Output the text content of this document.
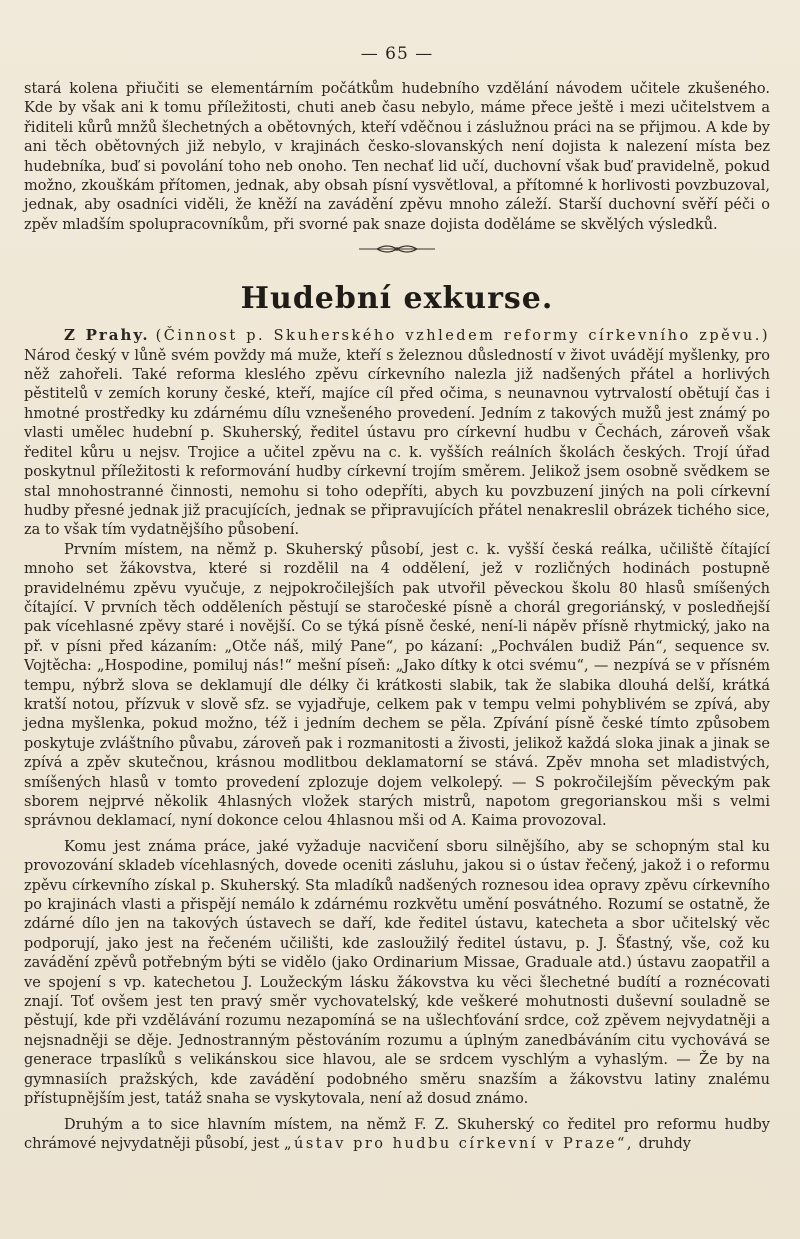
— 65 —

stará kolena přiučiti se elementárním počátkům hudebního vzdělání návodem učitele zkušeného. Kde by však ani k tomu příležitosti, chuti aneb času nebylo, máme přece ještě i mezi učitelstvem a řiditeli kůrů mnžů šlechetných a obětovných, kteří vděčnou i záslužnou práci na se přijmou. A kde by ani těch obětovných již nebylo, v krajinách česko-slovanských není dojista k nalezení místa bez hudebníka, buď si povolání toho neb onoho. Ten nechať lid učí, duchovní však buď pravidelně, pokud možno, zkouškám přítomen, jednak, aby obsah písní vysvětloval, a přítomné k horlivosti povzbuzoval, jednak, aby osadníci viděli, že kněží na zavádění zpěvu mnoho záleží. Starší duchovní svěří péči o zpěv mladším spolupracovníkům, při svorné pak snaze dojista doděláme se skvělých výsledků.

Hudební exkurse.

Z Prahy. (Činnost p. Skuherského vzhledem reformy církevního zpěvu.) Národ český v lůně svém povždy má muže, kteří s železnou důsledností v život uvádějí myšlenky, pro něž zahořeli. Také reforma kleslého zpěvu církevního nalezla již nadšených přátel a horlivých pěstitelů v zemích koruny české, kteří, majíce cíl před očima, s neunavnou vytrvalostí obětují čas i hmotné prostředky ku zdárnému dílu vznešeného provedení. Jedním z takových mužů jest známý po vlasti umělec hudební p. Skuherský, ředitel ústavu pro církevní hudbu v Čechách, zároveň však ředitel kůru u nejsv. Trojice a učitel zpěvu na c. k. vyšších reálních školách českých. Trojí úřad poskytnul příležitosti k reformování hudby církevní trojím směrem. Jelikož jsem osobně svědkem se stal mnohostranné činnosti, nemohu si toho odepříti, abych ku povzbuzení jiných na poli církevní hudby přesné jednak již pracujících, jednak se připravujících přátel nenakreslil obrázek tichého sice, za to však tím vydatnějšího působení.

Prvním místem, na němž p. Skuherský působí, jest c. k. vyšší česká reálka, učiliště čítající mnoho set žákovstva, které si rozdělil na 4 oddělení, jež v rozličných hodinách postupně pravidelnému zpěvu vyučuje, z nejpokročilejších pak utvořil pěveckou školu 80 hlasů smíšených čítající. V prvních těch odděleních pěstují se staročeské písně a chorál gregoriánský, v posledňejší pak vícehlasné zpěvy staré i novější. Co se týká písně české, není-li nápěv přísně rhytmický, jako na př. v písni před kázaním: „Otče náš, milý Pane“, po kázaní: „Pochválen budiž Pán“, sequence sv. Vojtěcha: „Hospodine, pomiluj nás!“ mešní píseň: „Jako dítky k otci svému“, — nezpívá se v přísném tempu, nýbrž slova se deklamují dle délky či krátkosti slabik, tak že slabika dlouhá delší, krátká kratší notou, přízvuk v slově sfz. se vyjadřuje, celkem pak v tempu velmi pohyblivém se zpívá, aby jedna myšlenka, pokud možno, též i jedním dechem se pěla. Zpívání písně české tímto způsobem poskytuje zvláštního půvabu, zároveň pak i rozmanitosti a živosti, jelikož každá sloka jinak a jinak se zpívá a zpěv skutečnou, krásnou modlitbou deklamatorní se stává. Zpěv mnoha set mladistvých, smíšených hlasů v tomto provedení zplozuje dojem velkolepý. — S pokročilejším pěveckým pak sborem nejprvé několik 4hlasných vložek starých mistrů, napotom gregorianskou mši s velmi správnou deklamací, nyní dokonce celou 4hlasnou mši od A. Kaima provozoval.

Komu jest známa práce, jaké vyžaduje nacvičení sboru silnějšího, aby se schopným stal ku provozování skladeb vícehlasných, dovede oceniti zásluhu, jakou si o ústav řečený, jakož i o reformu zpěvu církevního získal p. Skuherský. Sta mladíků nadšených roznesou idea opravy zpěvu církevního po krajinách vlasti a přispějí nemálo k zdárnému rozkvětu umění posvátného. Rozumí se ostatně, že zdárné dílo jen na takových ústavech se daří, kde ředitel ústavu, katecheta a sbor učitelský věc podporují, jako jest na řečeném učilišti, kde zasloužilý ředitel ústavu, p. J. Šťastný, vše, což ku zavádění zpěvů potřebným býti se vidělo (jako Ordinarium Missae, Graduale atd.) ústavu zaopatřil a ve spojení s vp. katechetou J. Loužeckým lásku žákovstva ku věci šlechetné budítí a roznécovati znají. Toť ovšem jest ten pravý směr vychovatelský, kde veškeré mohutnosti duševní souladně se pěstují, kde při vzdělávání rozumu nezapomíná se na ušlechťování srdce, což zpěvem nejvydatněji a nejsnadněji se děje. Jednostranným pěstováním rozumu a úplným zanedbáváním citu vychovává se generace trpaslíků s velikánskou sice hlavou, ale se srdcem vyschlým a vyhaslým. — Že by na gymnasiích pražských, kde zavádění podobného směru snazším a žákovstvu latiny znalému přístupnějším jest, tatáž snaha se vyskytovala, není až dosud známo.

Druhým a to sice hlavním místem, na němž F. Z. Skuherský co ředitel pro reformu hudby chrámové nejvydatněji působí, jest „ústav pro hudbu církevní v Praze“, druhdy
